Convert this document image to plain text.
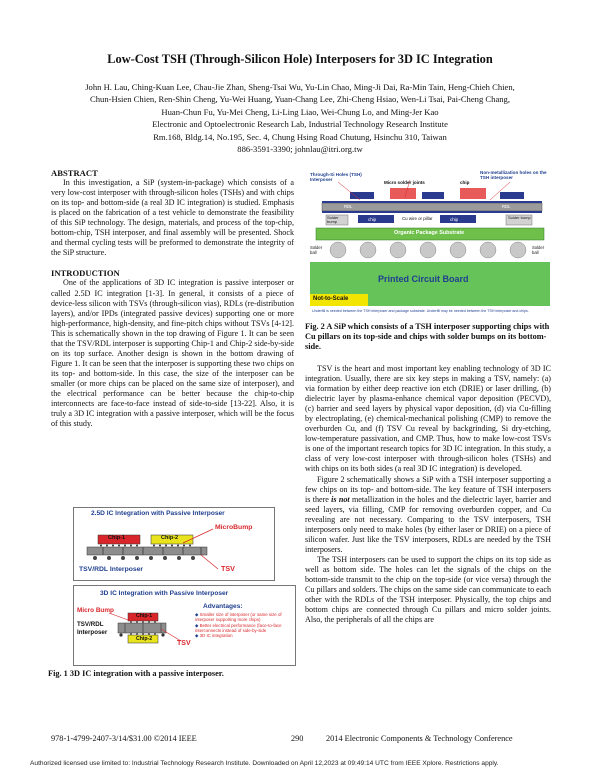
Low-Cost TSH (Through-Silicon Hole) Interposers for 3D IC Integration
John H. Lau, Ching-Kuan Lee, Chau-Jie Zhan, Sheng-Tsai Wu, Yu-Lin Chao, Ming-Ji Dai, Ra-Min Tain, Heng-Chieh Chien,
Chun-Hsien Chien, Ren-Shin Cheng, Yu-Wei Huang, Yuan-Chang Lee, Zhi-Cheng Hsiao, Wen-Li Tsai, Pai-Cheng Chang,
Huan-Chun Fu, Yu-Mei Cheng, Li-Ling Liao, Wei-Chung Lo, and Ming-Jer Kao
Electronic and Optoelectronic Research Lab, Industrial Technology Research Institute
Rm.168, Bldg.14, No.195, Sec. 4, Chung Hsing Road Chutung, Hsinchu 310, Taiwan
886-3591-3390; johnlau@itri.org.tw
ABSTRACT

In this investigation, a SiP (system-in-package) which consists of a very low-cost interposer with through-silicon holes (TSHs) and with chips on its top- and bottom-side (a real 3D IC integration) is studied. Emphasis is placed on the fabrication of a test vehicle to demonstrate the feasibility of this SiP technology. The design, materials, and process of the top-chip, bottom-chip, TSH interposer, and final assembly will be presented. Shock and thermal cycling tests will be preformed to demonstrate the integrity of the SiP structure.

INTRODUCTION

One of the applications of 3D IC integration is passive interposer or called 2.5D IC integration [1-3]. In general, it consists of a piece of device-less silicon with TSVs (through-silicon vias), RDLs (re-distribution layers), and/or IPDs (integrated passive devices) supporting one or more high-performance, high-density, and fine-pitch chips without TSVs [4-12]. This is schematically shown in the top drawing of Figure 1. It can be seen that the TSV/RDL interposer is supporting Chip-1 and Chip-2 side-by-side on its top surface. Another design is shown in the bottom drawing of Figure 1. It can be seen that the interposer is supporting these two chips on its top- and bottom-side. In this case, the size of the interposer can be smaller (or more chips can be placed on the same size of interposer), and the electrical performance can be better because the chip-to-chip interconnects are face-to-face instead of side-to-side [13-22]. Also, it is truly a 3D IC integration with a passive interposer, which will be the focus of this study.

2.5D IC Integration with Passive Interposer
Chip-1	Chip-2
MicroBump
TSV/RDL Interposer	TSV
3D IC Integration with Passive Interposer
Chip-1
Chip-2
Micro Bump
TSV/RDL Interposer
TSV
Advantages:
◆ Smaller size of interposer (or same size of interposer supporting more chips)
◆ Better electrical performance (face-to-face interconnects instead of side-by-side
◆ 3D IC integration
Fig. 1 3D IC integration with a passive interposer.
Printed Circuit Board
Not-to-Scale
Through-Si Holes (TSH) Interposer
Micro solder joints	chip
Non-metallization holes on the TSH interposer
Solder bump
Solder bump
RDL	RDL
Cu wire or pillar
chip	chip
Organic Package Substrate
Solder ball
Solder ball
Underfill is needed between the TSH interposer and package substrate. Underfill may be needed between the TSH interposer and chips.
Fig. 2 A SiP which consists of a TSH interposer supporting chips with Cu pillars on its top-side and chips with solder bumps on its bottom-side.

TSV is the heart and most important key enabling technology of 3D IC integration. Usually, there are six key steps in making a TSV, namely: (a) via formation by either deep reactive ion etch (DRIE) or laser drilling, (b) dielectric layer by plasma-enhance chemical vapor deposition (PECVD), (c) barrier and seed layers by physical vapor deposition, (d) via Cu-filling by electroplating, (e) chemical-mechanical polishing (CMP) to remove the overburden Cu, and (f) TSV Cu reveal by backgrinding, Si dry-etching, low-temperature passivation, and CMP. Thus, how to make low-cost TSVs is one of the important research topics for 3D IC integration. In this study, a class of very low-cost interposer with through-silicon holes (TSHs) and with chips on its both sides (a real 3D IC integration) is developed.

Figure 2 schematically shows a SiP with a TSH interposer supporting a few chips on its top- and bottom-side. The key feature of TSH interposers is there is not metallization in the holes and the dielectric layer, barrier and seed layers, via filling, CMP for removing overburden copper, and Cu revealing are not necessary. Comparing to the TSV interposers, TSH interposers only need to make holes (by either laser or DRIE) on a piece of silicon wafer. Just like the TSV interposers, RDLs are needed by the TSH interposers.

The TSH interposers can be used to support the chips on its top side as well as bottom side. The holes can let the signals of the chips on the bottom-side transmit to the chip on the top-side (or vice versa) through the Cu pillars and solders. The chips on the same side can communicate to each other with the RDLs of the TSH interposer. Physically, the top chips and bottom chips are connected through Cu pillars and micro solder joints. Also, the peripherals of all the chips are

978-1-4799-2407-3/14/$31.00 ©2014 IEEE	290	2014 Electronic Components & Technology Conference
Authorized licensed use limited to: Industrial Technology Research Institute. Downloaded on April 12,2023 at 09:49:14 UTC from IEEE Xplore. Restrictions apply.
